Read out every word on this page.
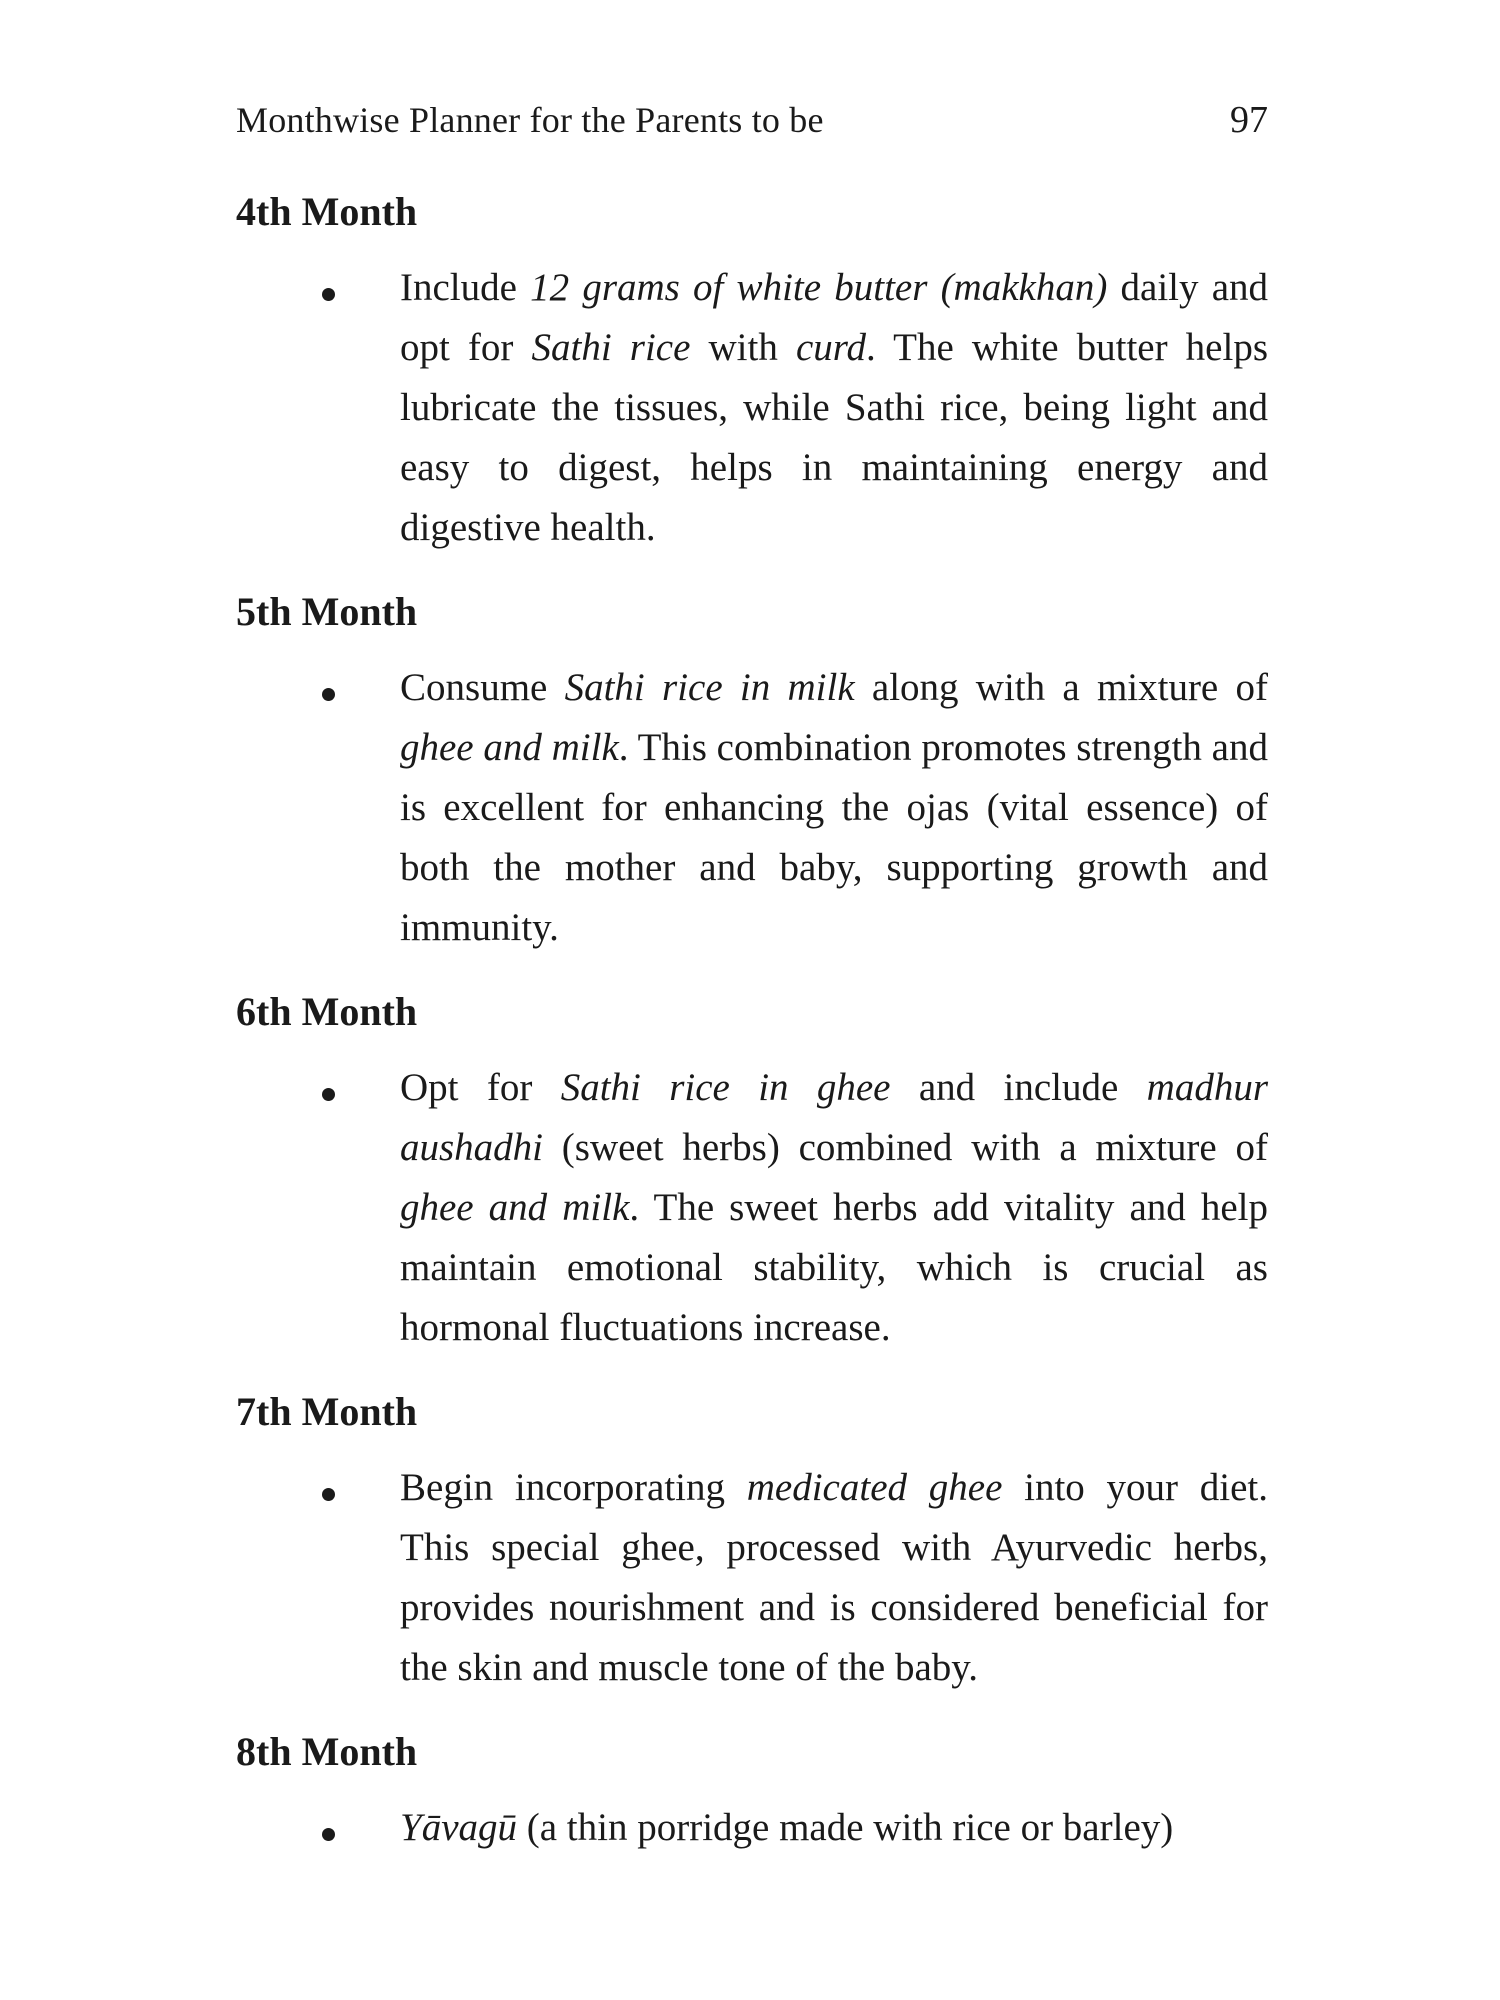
Monthwise Planner for the Parents to be	97
4th Month
Include 12 grams of white butter (makkhan) daily and opt for Sathi rice with curd. The white butter helps lubricate the tissues, while Sathi rice, being light and easy to digest, helps in maintaining energy and digestive health.
5th Month
Consume Sathi rice in milk along with a mixture of ghee and milk. This combination promotes strength and is excellent for enhancing the ojas (vital essence) of both the mother and baby, supporting growth and immunity.
6th Month
Opt for Sathi rice in ghee and include madhur aushadhi (sweet herbs) combined with a mixture of ghee and milk. The sweet herbs add vitality and help maintain emotional stability, which is crucial as hormonal fluctuations increase.
7th Month
Begin incorporating medicated ghee into your diet. This special ghee, processed with Ayurvedic herbs, provides nourishment and is considered beneficial for the skin and muscle tone of the baby.
8th Month
Yāvagū (a thin porridge made with rice or barley)
